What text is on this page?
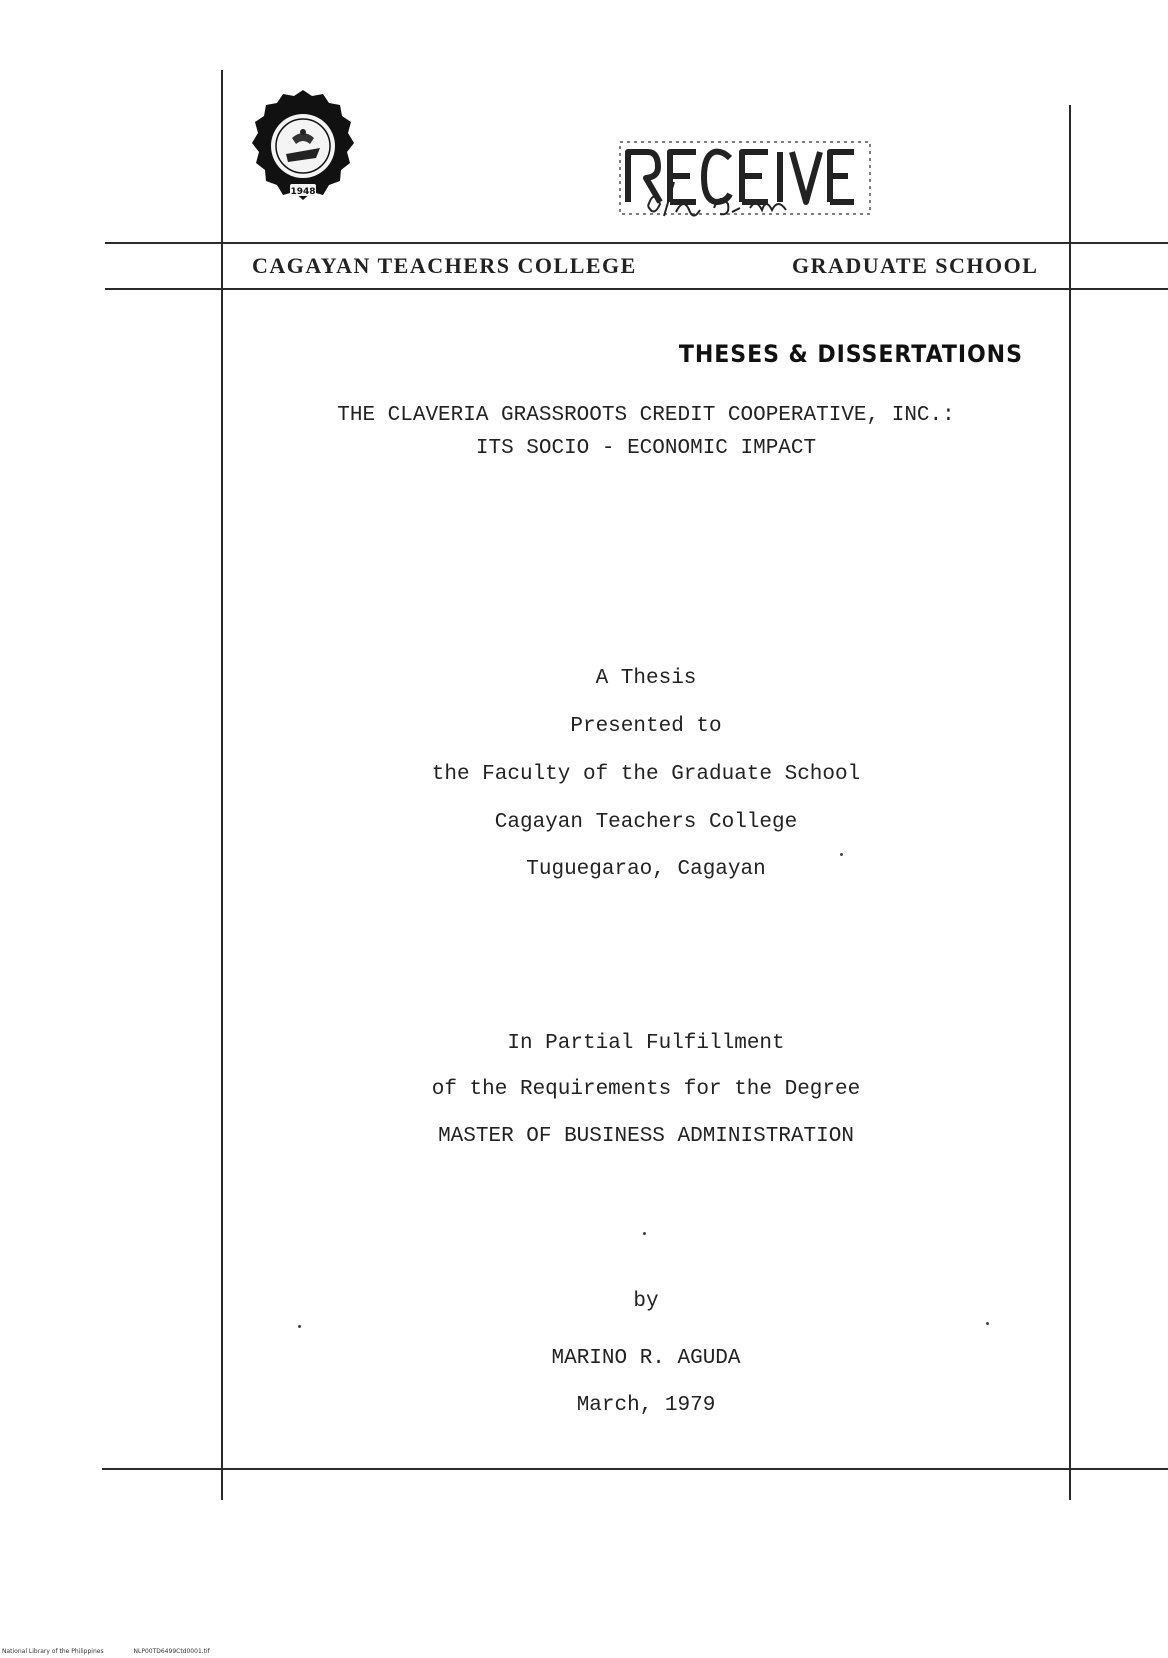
1948
CAGAYAN TEACHERS COLLEGE	GRADUATE SCHOOL
THESES & DISSERTATIONS
THE CLAVERIA GRASSROOTS CREDIT COOPERATIVE, INC.:
ITS SOCIO - ECONOMIC IMPACT
A Thesis
Presented to
the Faculty of the Graduate School
Cagayan Teachers College
Tuguegarao, Cagayan
In Partial Fulfillment
of the Requirements for the Degree
MASTER OF BUSINESS ADMINISTRATION
by
MARINO R. AGUDA
March, 1979
National Library of the Philippines	NLP00TD6499Ctd0001.tif
